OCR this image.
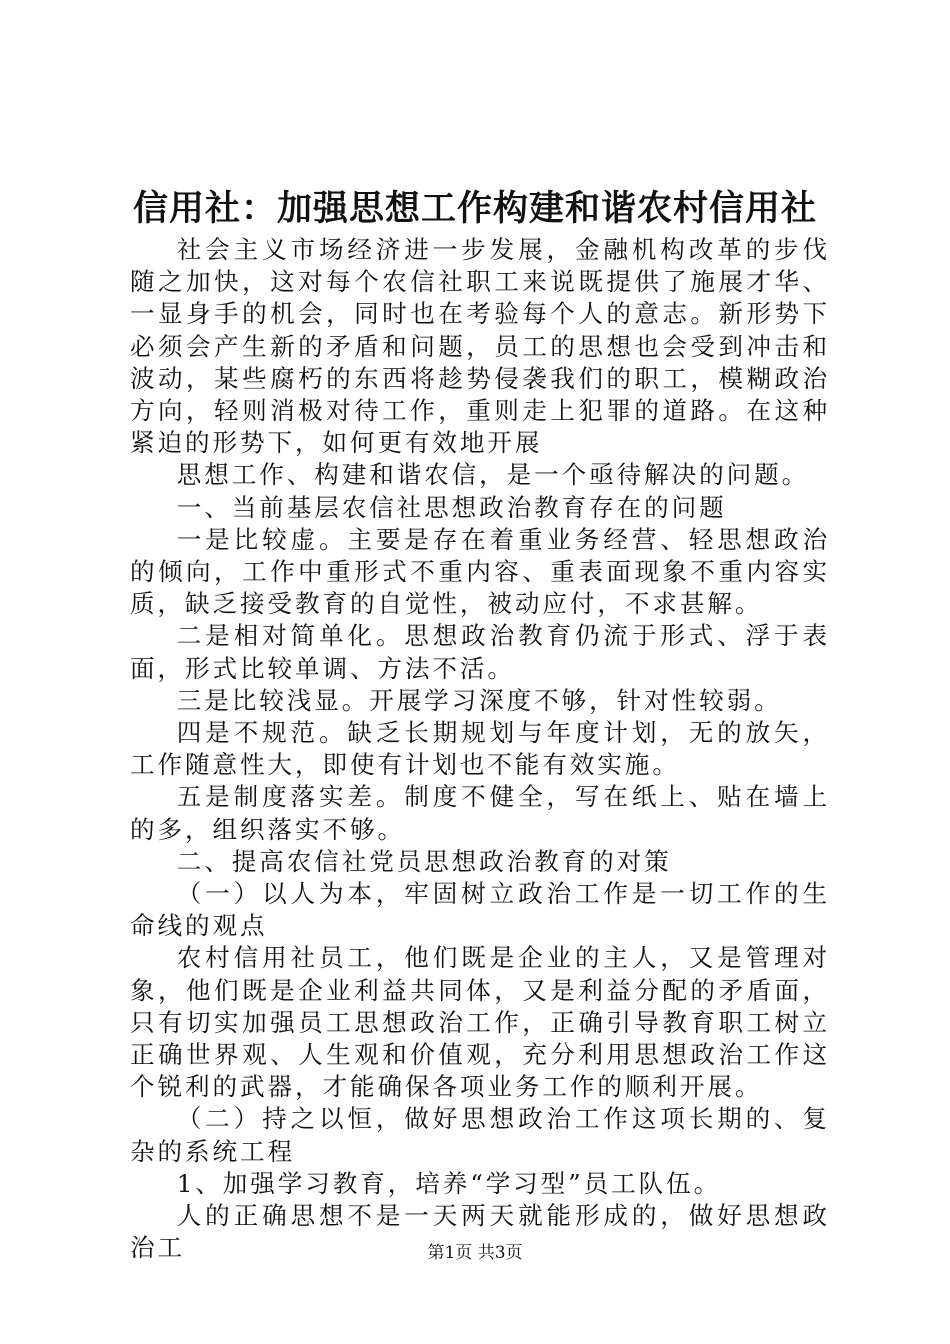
信用社：加强思想工作构建和谐农村信用社

社会主义市场经济进一步发展，金融机构改革的步伐随之加快，这对每个农信社职工来说既提供了施展才华、一显身手的机会，同时也在考验每个人的意志。新形势下必须会产生新的矛盾和问题，员工的思想也会受到冲击和波动，某些腐朽的东西将趁势侵袭我们的职工，模糊政治方向，轻则消极对待工作，重则走上犯罪的道路。在这种紧迫的形势下，如何更有效地开展

思想工作、构建和谐农信，是一个亟待解决的问题。

一、当前基层农信社思想政治教育存在的问题

一是比较虚。主要是存在着重业务经营、轻思想政治的倾向，工作中重形式不重内容、重表面现象不重内容实质，缺乏接受教育的自觉性，被动应付，不求甚解。

二是相对简单化。思想政治教育仍流于形式、浮于表面，形式比较单调、方法不活。

三是比较浅显。开展学习深度不够，针对性较弱。

四是不规范。缺乏长期规划与年度计划，无的放矢，工作随意性大，即使有计划也不能有效实施。

五是制度落实差。制度不健全，写在纸上、贴在墙上的多，组织落实不够。

二、提高农信社党员思想政治教育的对策

（一）以人为本，牢固树立政治工作是一切工作的生命线的观点

农村信用社员工，他们既是企业的主人，又是管理对象，他们既是企业利益共同体，又是利益分配的矛盾面，只有切实加强员工思想政治工作，正确引导教育职工树立正确世界观、人生观和价值观，充分利用思想政治工作这个锐利的武器，才能确保各项业务工作的顺利开展。

（二）持之以恒，做好思想政治工作这项长期的、复杂的系统工程

1、加强学习教育，培养“学习型”员工队伍。

人的正确思想不是一天两天就能形成的，做好思想政治工	第1页 共3页
